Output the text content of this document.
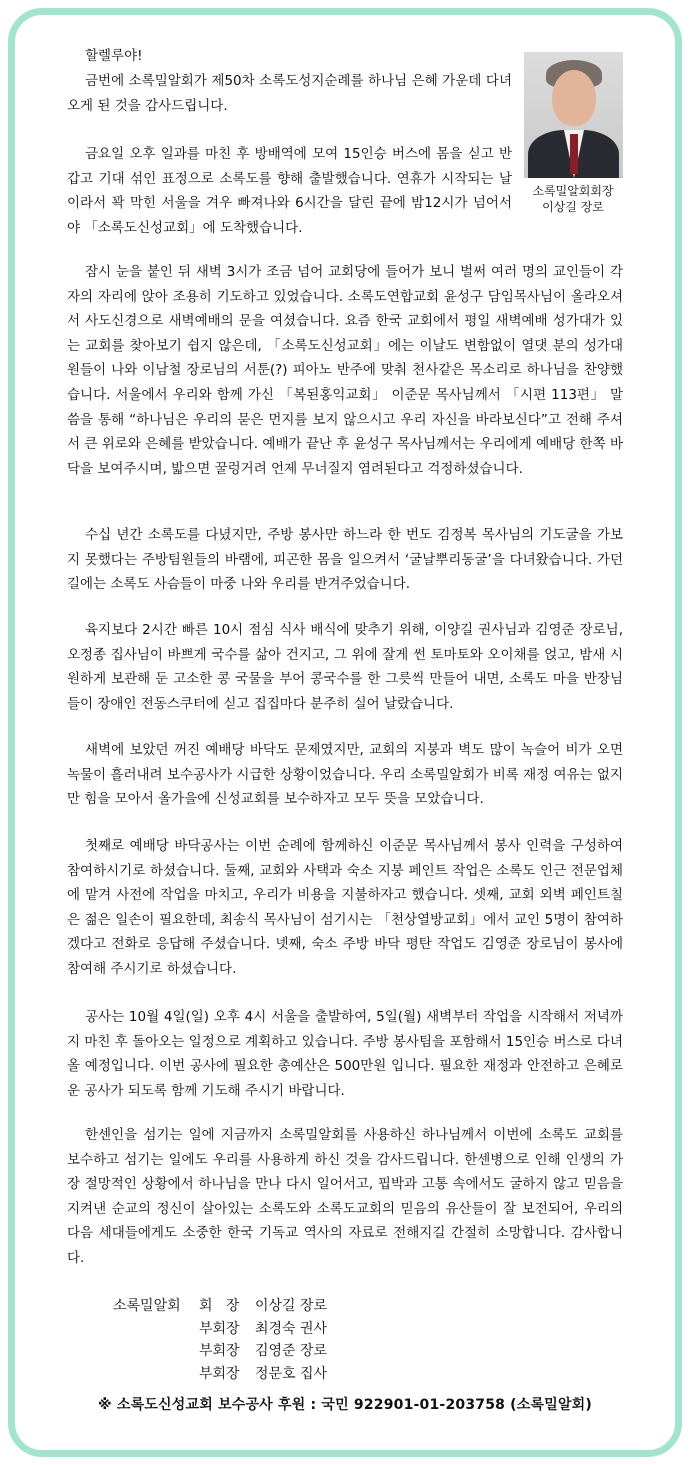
소록밀알회회장
이상길 장로

할렐루야!

금번에 소록밀알회가 제50차 소록도성지순례를 하나님 은혜 가운데 다녀오게 된 것을 감사드립니다.

금요일 오후 일과를 마친 후 방배역에 모여 15인승 버스에 몸을 싣고 반갑고 기대 섞인 표정으로 소록도를 향해 출발했습니다. 연휴가 시작되는 날이라서 꽉 막힌 서울을 겨우 빠져나와 6시간을 달린 끝에 밤12시가 넘어서야 「소록도신성교회」에 도착했습니다.

잠시 눈을 붙인 뒤 새벽 3시가 조금 넘어 교회당에 들어가 보니 벌써 여러 명의 교인들이 각자의 자리에 앉아 조용히 기도하고 있었습니다. 소록도연합교회 윤성구 담임목사님이 올라오셔서 사도신경으로 새벽예배의 문을 여셨습니다. 요즘 한국 교회에서 평일 새벽예배 성가대가 있는 교회를 찾아보기 쉽지 않은데, 「소록도신성교회」에는 이날도 변함없이 열댓 분의 성가대원들이 나와 이남철 장로님의 서툰(?) 피아노 반주에 맞춰 천사같은 목소리로 하나님을 찬양했습니다. 서울에서 우리와 함께 가신 「복된홍익교회」 이준문 목사님께서 「시편 113편」 말씀을 통해 “하나님은 우리의 묻은 먼지를 보지 않으시고 우리 자신을 바라보신다”고 전해 주셔서 큰 위로와 은혜를 받았습니다. 예배가 끝난 후 윤성구 목사님께서는 우리에게 예배당 한쪽 바닥을 보여주시며, 밟으면 꿀렁거려 언제 무너질지 염려된다고 걱정하셨습니다.

수십 년간 소록도를 다녔지만, 주방 봉사만 하느라 한 번도 김정복 목사님의 기도굴을 가보지 못했다는 주방팀원들의 바램에, 피곤한 몸을 일으켜서 ‘굴날뿌리동굴’을 다녀왔습니다. 가던 길에는 소록도 사슴들이 마중 나와 우리를 반겨주었습니다.

육지보다 2시간 빠른 10시 점심 식사 배식에 맞추기 위해, 이양길 권사님과 김영준 장로님, 오정종 집사님이 바쁘게 국수를 삶아 건지고, 그 위에 잘게 썬 토마토와 오이채를 얹고, 밤새 시원하게 보관해 둔 고소한 콩 국물을 부어 콩국수를 한 그릇씩 만들어 내면, 소록도 마을 반장님들이 장애인 전동스쿠터에 싣고 집집마다 분주히 실어 날랐습니다.

새벽에 보았던 꺼진 예배당 바닥도 문제였지만, 교회의 지붕과 벽도 많이 녹슬어 비가 오면 녹물이 흘러내려 보수공사가 시급한 상황이었습니다. 우리 소록밀알회가 비록 재정 여유는 없지만 힘을 모아서 올가을에 신성교회를 보수하자고 모두 뜻을 모았습니다.

첫째로 예배당 바닥공사는 이번 순례에 함께하신 이준문 목사님께서 봉사 인력을 구성하여 참여하시기로 하셨습니다. 둘째, 교회와 사택과 숙소 지붕 페인트 작업은 소록도 인근 전문업체에 맡겨 사전에 작업을 마치고, 우리가 비용을 지불하자고 했습니다. 셋째, 교회 외벽 페인트칠은 젊은 일손이 필요한데, 최송식 목사님이 섬기시는 「천상열방교회」에서 교인 5명이 참여하겠다고 전화로 응답해 주셨습니다. 넷째, 숙소 주방 바닥 평탄 작업도 김영준 장로님이 봉사에 참여해 주시기로 하셨습니다.

공사는 10월 4일(일) 오후 4시 서울을 출발하여, 5일(월) 새벽부터 작업을 시작해서 저녁까지 마친 후 돌아오는 일정으로 계획하고 있습니다. 주방 봉사팀을 포함해서 15인승 버스로 다녀올 예정입니다. 이번 공사에 필요한 총예산은 500만원 입니다. 필요한 재정과 안전하고 은혜로운 공사가 되도록 함께 기도해 주시기 바랍니다.

한센인을 섬기는 일에 지금까지 소록밀알회를 사용하신 하나님께서 이번에 소록도 교회를 보수하고 섬기는 일에도 우리를 사용하게 하신 것을 감사드립니다. 한센병으로 인해 인생의 가장 절망적인 상황에서 하나님을 만나 다시 일어서고, 핍박과 고통 속에서도 굴하지 않고 믿음을 지켜낸 순교의 정신이 살아있는 소록도와 소록도교회의 믿음의 유산들이 잘 보전되어, 우리의 다음 세대들에게도 소중한 한국 기독교 역사의 자료로 전해지길 간절히 소망합니다. 감사합니다.

소록밀알회 회   장 이상길 장로
부회장 최경숙 권사
부회장 김영준 장로
부회장 정문호 집사
※ 소록도신성교회 보수공사 후원 : 국민 922901-01-203758 (소록밀알회)
